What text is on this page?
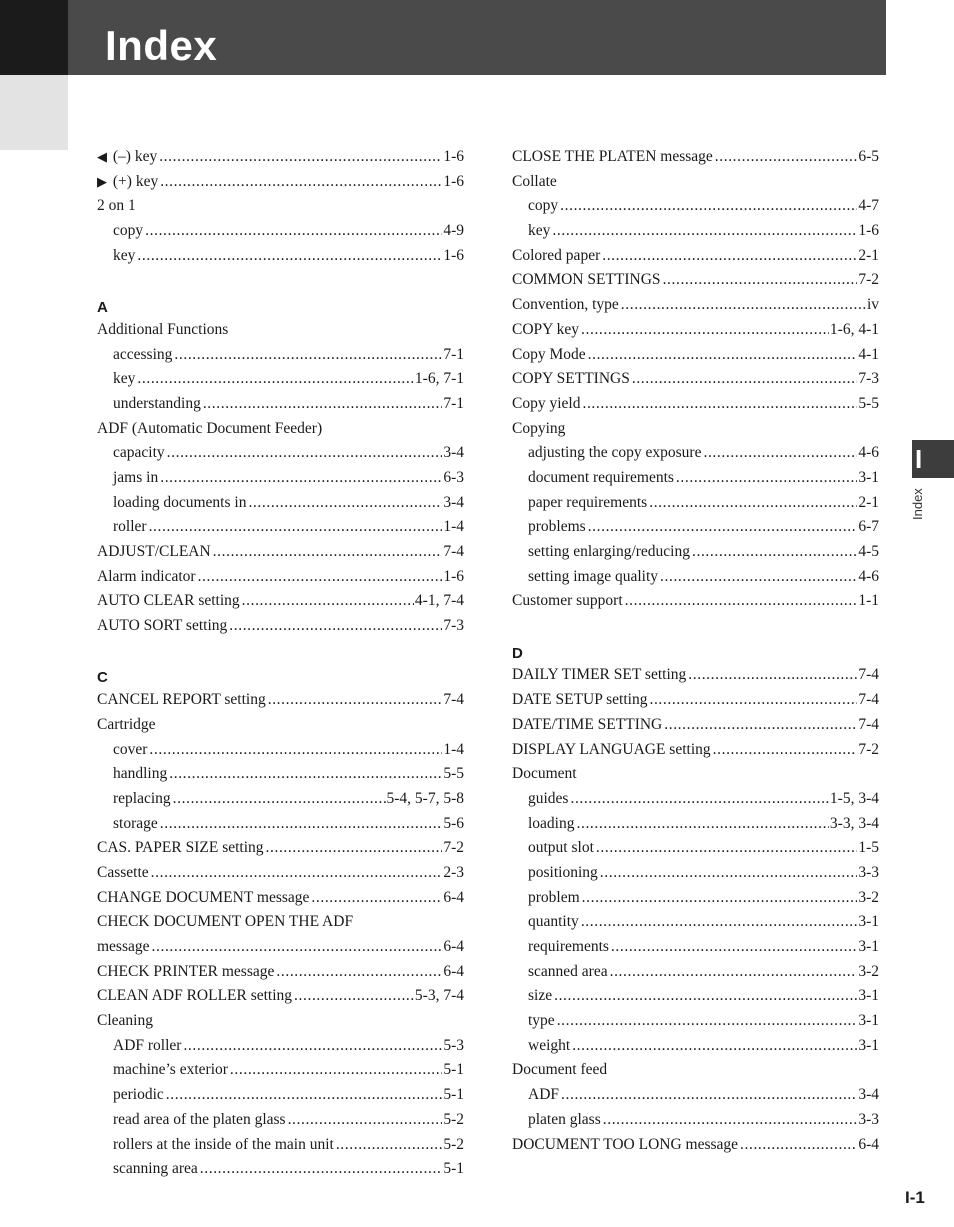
Index
◀ (–) key .....	1-6
▶ (+) key .....	1-6
2 on 1
copy .....	4-9
key .....	1-6
A
Additional Functions
accessing .....	7-1
key .....	1-6, 7-1
understanding .....	7-1
ADF (Automatic Document Feeder)
capacity .....	3-4
jams in .....	6-3
loading documents in .....	3-4
roller .....	1-4
ADJUST/CLEAN .....	7-4
Alarm indicator .....	1-6
AUTO CLEAR setting .....	4-1, 7-4
AUTO SORT setting .....	7-3
C
CANCEL REPORT setting .....	7-4
Cartridge
cover .....	1-4
handling .....	5-5
replacing .....	5-4, 5-7, 5-8
storage .....	5-6
CAS. PAPER SIZE setting .....	7-2
Cassette .....	2-3
CHANGE DOCUMENT message .....	6-4
CHECK DOCUMENT OPEN THE ADF
message .....	6-4
CHECK PRINTER message .....	6-4
CLEAN ADF ROLLER setting .....	5-3, 7-4
Cleaning
ADF roller .....	5-3
machine’s exterior .....	5-1
periodic .....	5-1
read area of the platen glass .....	5-2
rollers at the inside of the main unit .....	5-2
scanning area .....	5-1
CLOSE THE PLATEN message .....	6-5
Collate
copy .....	4-7
key .....	1-6
Colored paper .....	2-1
COMMON SETTINGS .....	7-2
Convention, type .....	iv
COPY key .....	1-6, 4-1
Copy Mode .....	4-1
COPY SETTINGS .....	7-3
Copy yield .....	5-5
Copying
adjusting the copy exposure .....	4-6
document requirements .....	3-1
paper requirements .....	2-1
problems .....	6-7
setting enlarging/reducing .....	4-5
setting image quality .....	4-6
Customer support .....	1-1
D
DAILY TIMER SET setting .....	7-4
DATE SETUP setting .....	7-4
DATE/TIME SETTING .....	7-4
DISPLAY LANGUAGE setting .....	7-2
Document
guides .....	1-5, 3-4
loading .....	3-3, 3-4
output slot .....	1-5
positioning .....	3-3
problem .....	3-2
quantity .....	3-1
requirements .....	3-1
scanned area .....	3-2
size .....	3-1
type .....	3-1
weight .....	3-1
Document feed
ADF .....	3-4
platen glass .....	3-3
DOCUMENT TOO LONG message .....	6-4
I
Index
I-1
